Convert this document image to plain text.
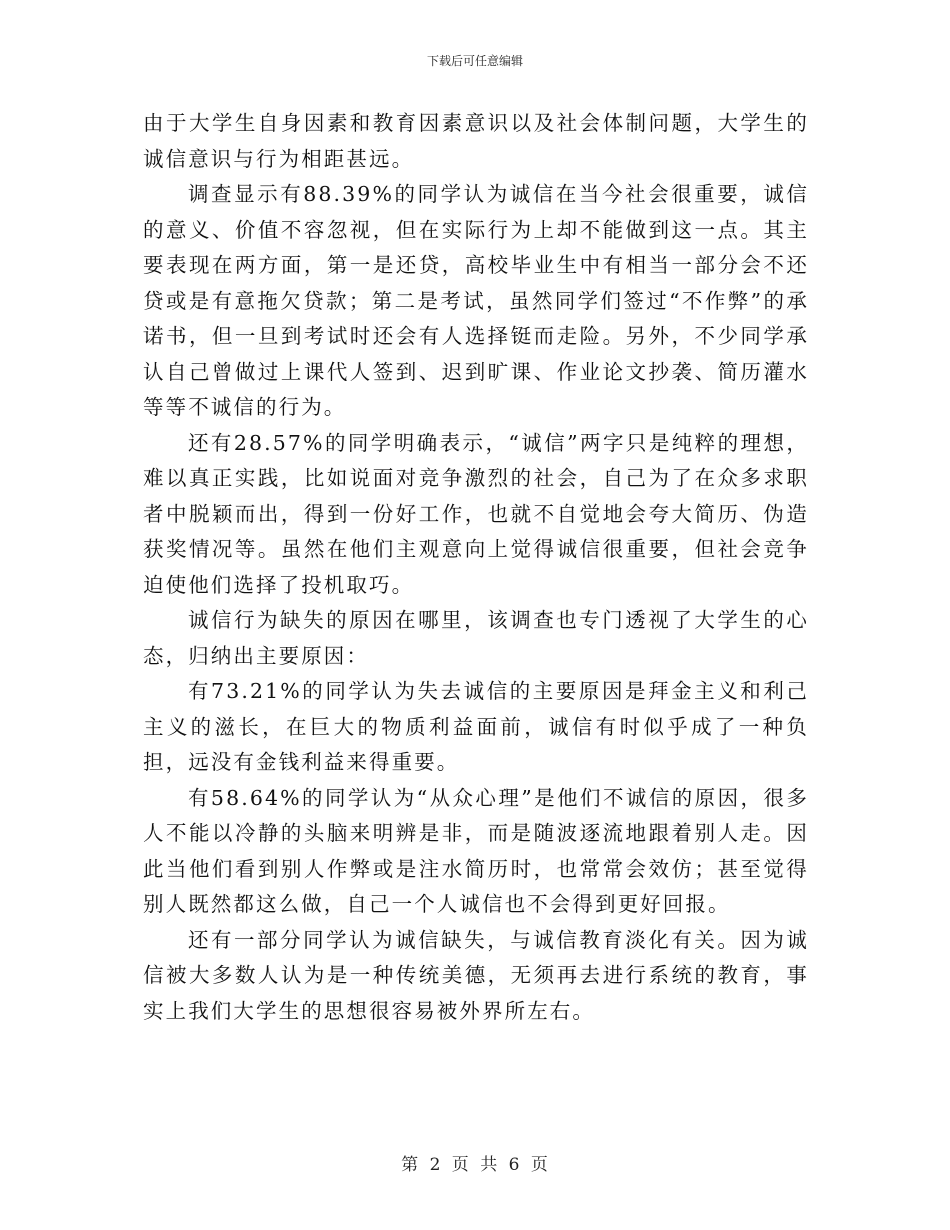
下载后可任意编辑

由于大学生自身因素和教育因素意识以及社会体制问题，大学生的诚信意识与行为相距甚远。

调查显示有88.39%的同学认为诚信在当今社会很重要，诚信的意义、价值不容忽视，但在实际行为上却不能做到这一点。其主要表现在两方面，第一是还贷，高校毕业生中有相当一部分会不还贷或是有意拖欠贷款；第二是考试，虽然同学们签过“不作弊”的承诺书，但一旦到考试时还会有人选择铤而走险。另外，不少同学承认自己曾做过上课代人签到、迟到旷课、作业论文抄袭、简历灌水等等不诚信的行为。

还有28.57%的同学明确表示，“诚信”两字只是纯粹的理想，难以真正实践，比如说面对竞争激烈的社会，自己为了在众多求职者中脱颖而出，得到一份好工作，也就不自觉地会夸大简历、伪造获奖情况等。虽然在他们主观意向上觉得诚信很重要，但社会竞争迫使他们选择了投机取巧。

诚信行为缺失的原因在哪里，该调查也专门透视了大学生的心态，归纳出主要原因：

有73.21%的同学认为失去诚信的主要原因是拜金主义和利己主义的滋长，在巨大的物质利益面前，诚信有时似乎成了一种负担，远没有金钱利益来得重要。

有58.64%的同学认为“从众心理”是他们不诚信的原因，很多人不能以冷静的头脑来明辨是非，而是随波逐流地跟着别人走。因此当他们看到别人作弊或是注水简历时，也常常会效仿；甚至觉得别人既然都这么做，自己一个人诚信也不会得到更好回报。

还有一部分同学认为诚信缺失，与诚信教育淡化有关。因为诚信被大多数人认为是一种传统美德，无须再去进行系统的教育，事实上我们大学生的思想很容易被外界所左右。

第 2 页 共 6 页
